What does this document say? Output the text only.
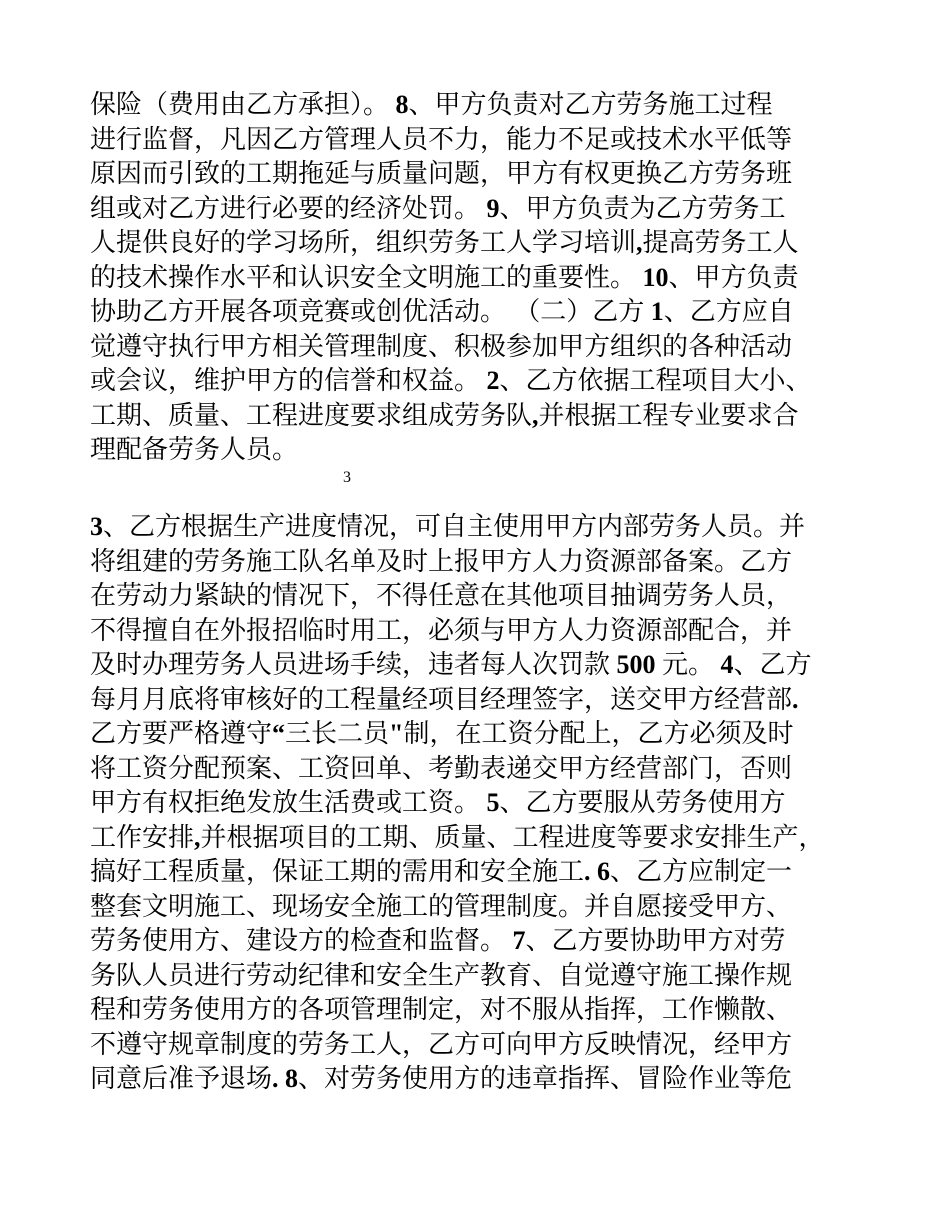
保险（费用由乙方承担）。 8、甲方负责对乙方劳务施工过程
进行监督，凡因乙方管理人员不力，能力不足或技术水平低等
原因而引致的工期拖延与质量问题，甲方有权更换乙方劳务班
组或对乙方进行必要的经济处罚。 9、甲方负责为乙方劳务工
人提供良好的学习场所，组织劳务工人学习培训,提高劳务工人
的技术操作水平和认识安全文明施工的重要性。 10、甲方负责
协助乙方开展各项竞赛或创优活动。 （二）乙方 1、乙方应自
觉遵守执行甲方相关管理制度、积极参加甲方组织的各种活动
或会议，维护甲方的信誉和权益。 2、乙方依据工程项目大小、
工期、质量、工程进度要求组成劳务队,并根据工程专业要求合
理配备劳务人员。
3、乙方根据生产进度情况，可自主使用甲方内部劳务人员。并
将组建的劳务施工队名单及时上报甲方人力资源部备案。乙方
在劳动力紧缺的情况下，不得任意在其他项目抽调劳务人员，
不得擅自在外报招临时用工，必须与甲方人力资源部配合，并
及时办理劳务人员进场手续，违者每人次罚款 500 元。 4、乙方
每月月底将审核好的工程量经项目经理签字，送交甲方经营部.
乙方要严格遵守“三长二员"制，在工资分配上，乙方必须及时
将工资分配预案、工资回单、考勤表递交甲方经营部门，否则
甲方有权拒绝发放生活费或工资。 5、乙方要服从劳务使用方
工作安排,并根据项目的工期、质量、工程进度等要求安排生产，
搞好工程质量，保证工期的需用和安全施工. 6、乙方应制定一
整套文明施工、现场安全施工的管理制度。并自愿接受甲方、
劳务使用方、建设方的检查和监督。 7、乙方要协助甲方对劳
务队人员进行劳动纪律和安全生产教育、自觉遵守施工操作规
程和劳务使用方的各项管理制定，对不服从指挥，工作懒散、
不遵守规章制度的劳务工人，乙方可向甲方反映情况，经甲方
同意后准予退场. 8、对劳务使用方的违章指挥、冒险作业等危
3
